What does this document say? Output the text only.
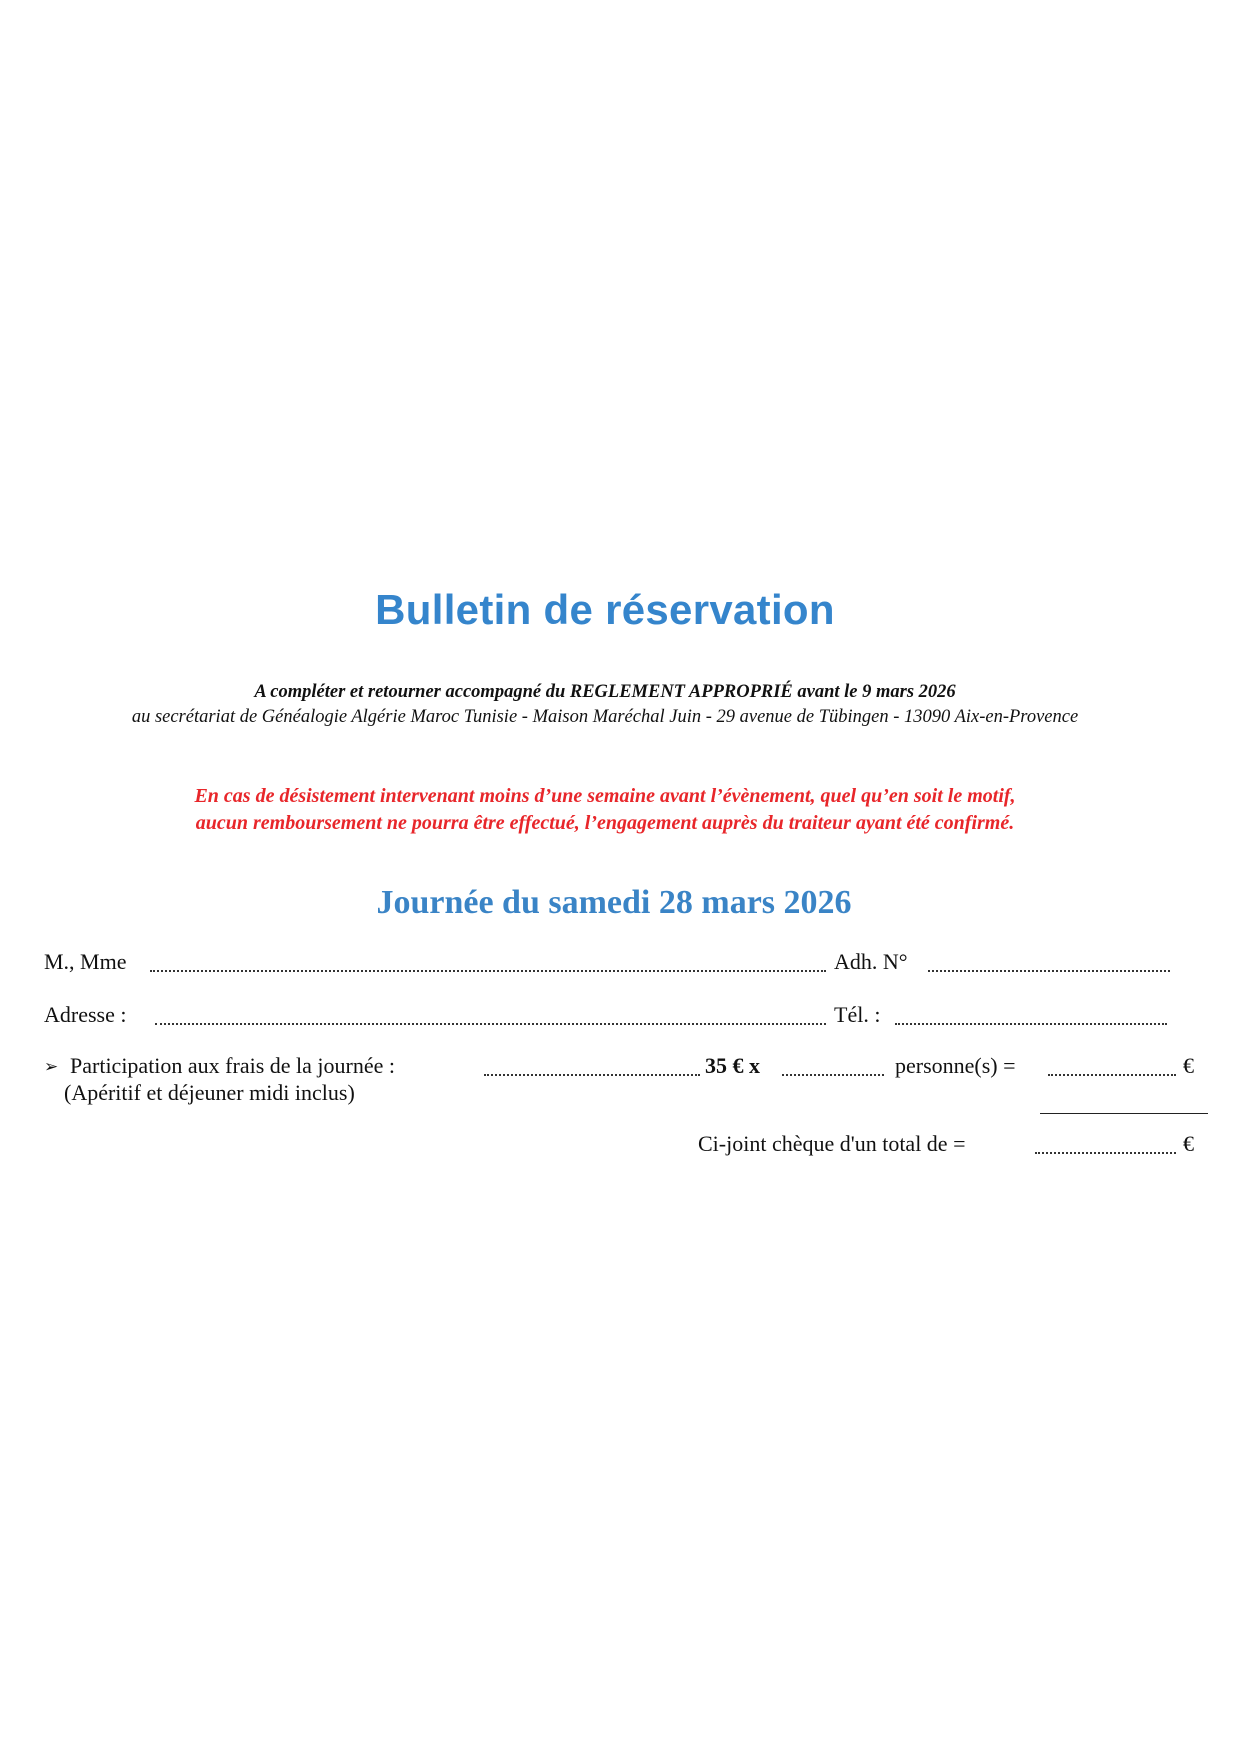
Bulletin de réservation
A compléter et retourner accompagné du REGLEMENT APPROPRIÉ avant le 9 mars 2026
au secrétariat de Généalogie Algérie Maroc Tunisie - Maison Maréchal Juin - 29 avenue de Tübingen - 13090 Aix-en-Provence
En cas de désistement intervenant moins d’une semaine avant l’évènement, quel qu’en soit le motif,
aucun remboursement ne pourra être effectué, l’engagement auprès du traiteur ayant été confirmé.
Journée du samedi 28 mars 2026
M., Mme	Adh. N°
Adresse :	Tél. :
➢ Participation aux frais de la journée :	35 € x	personne(s) =	€
(Apéritif et déjeuner midi inclus)
Ci-joint chèque d'un total de =	€
